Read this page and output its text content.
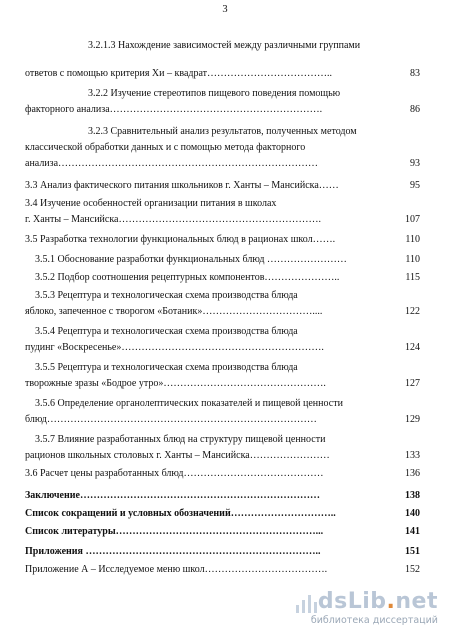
3
3.2.1.3 Нахождение зависимостей между различными группами
ответов с помощью критерия Хи – квадрат………………………………..	83
3.2.2 Изучение стереотипов пищевого поведения помощью
факторного анализа……………………………………………………….	86
3.2.3 Сравнительный анализ результатов, полученных методом
классической обработки данных и с помощью метода факторного
анализа……………………………………………………………………	93
3.3 Анализ фактического питания школьников г. Ханты – Мансийска……	95
3.4 Изучение особенностей организации питания в школах
г. Ханты – Мансийска…………………………………………………….	107
3.5 Разработка технологии функциональных блюд в рационах школ…….	110
3.5.1 Обоснование разработки функциональных блюд ……………………	110
3.5.2 Подбор соотношения рецептурных компонентов…………………..	115
3.5.3 Рецептура и технологическая схема производства блюда
яблоко, запеченное с творогом «Ботаник»……………………………....	122
3.5.4 Рецептура и технологическая схема производства блюда
пудинг «Воскресенье»…………………………………………………….	124
3.5.5 Рецептура и технологическая схема производства блюда
творожные зразы «Бодрое утро»………………………………………….	127
3.5.6 Определение органолептических показателей и пищевой ценности
блюд………………………………………………………………………	129
3.5.7 Влияние разработанных блюд на структуру пищевой ценности
рационов школьных столовых г. Ханты – Мансийска……………………	133
3.6 Расчет цены разработанных блюд……………………………………	136
Заключение………………………………………………………………	138
Список сокращений и условных обозначений…………………………..	140
Список литературы……………………………………………………...	141
Приложения ……………………………………………………………..	151
Приложение А – Исследуемое меню школ……………………………….	152
dsLib.net
библиотека диссертаций
